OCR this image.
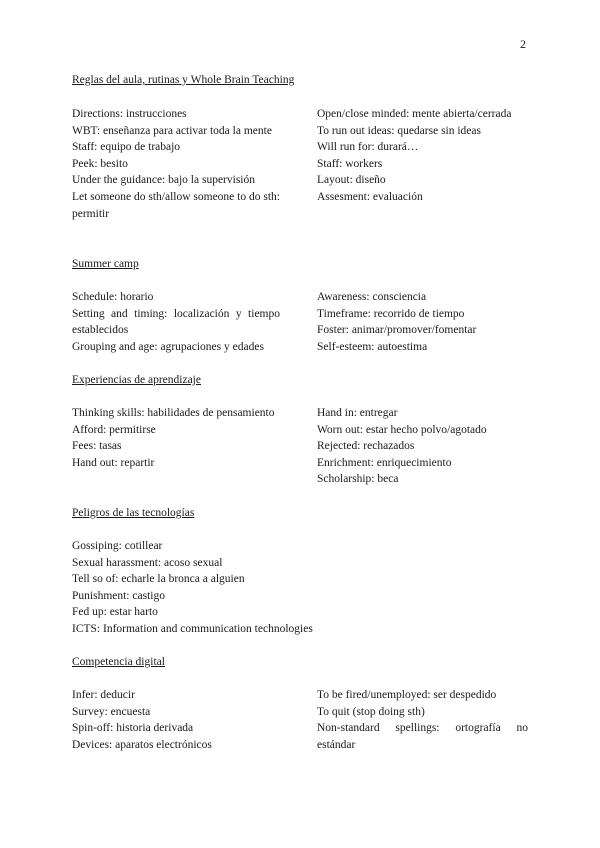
2
Reglas del aula, rutinas y Whole Brain Teaching
Directions: instrucciones
WBT: enseñanza para activar toda la mente
Staff: equipo de trabajo
Peek: besito
Under the guidance: bajo la supervisión
Let someone do sth/allow someone to do sth: permitir
Open/close minded: mente abierta/cerrada
To run out ideas: quedarse sin ideas
Will run for: durará…
Staff: workers
Layout: diseño
Assesment: evaluación
Summer camp
Schedule: horario
Setting and timing: localización y tiempo establecidos
Grouping and age: agrupaciones y edades
Awareness: consciencia
Timeframe: recorrido de tiempo
Foster: animar/promover/fomentar
Self-esteem: autoestima
Experiencias de aprendizaje
Thinking skills: habilidades de pensamiento
Afford: permitirse
Fees: tasas
Hand out: repartir
Hand in: entregar
Worn out: estar hecho polvo/agotado
Rejected: rechazados
Enrichment: enriquecimiento
Scholarship: beca
Peligros de las tecnologías
Gossiping: cotillear
Sexual harassment: acoso sexual
Tell so of: echarle la bronca a alguien
Punishment: castigo
Fed up: estar harto
ICTS: Information and communication technologies
Competencia digital
Infer: deducir
Survey: encuesta
Spin-off: historia derivada
Devices: aparatos electrónicos
To be fired/unemployed: ser despedido
To quit (stop doing sth)
Non-standard spellings: ortografía no estándar
